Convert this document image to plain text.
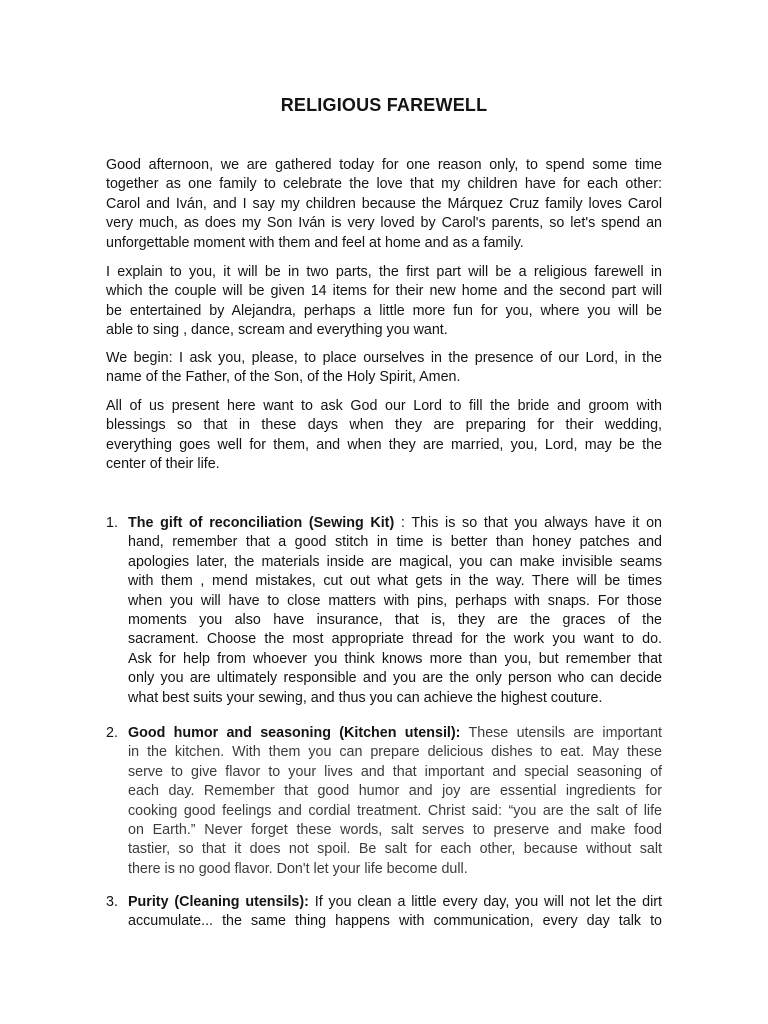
RELIGIOUS FAREWELL

Good afternoon, we are gathered today for one reason only, to spend some time
together as one family to celebrate the love that my children have for each other:
Carol and Iván, and I say my children because the Márquez Cruz family loves Carol
very much, as does my Son Iván is very loved by Carol's parents, so let's spend an
unforgettable moment with them and feel at home and as a family.

I explain to you, it will be in two parts, the first part will be a religious farewell in
which the couple will be given 14 items for their new home and the second part will
be entertained by Alejandra, perhaps a little more fun for you, where you will be
able to sing , dance, scream and everything you want.

We begin: I ask you, please, to place ourselves in the presence of our Lord, in the
name of the Father, of the Son, of the Holy Spirit, Amen.

All of us present here want to ask God our Lord to fill the bride and groom with
blessings so that in these days when they are preparing for their wedding,
everything goes well for them, and when they are married, you, Lord, may be the
center of their life.

1. The gift of reconciliation (Sewing Kit) : This is so that you always have it on
hand, remember that a good stitch in time is better than honey patches and
apologies later, the materials inside are magical, you can make invisible seams
with them , mend mistakes, cut out what gets in the way. There will be times
when you will have to close matters with pins, perhaps with snaps. For those
moments you also have insurance, that is, they are the graces of the
sacrament. Choose the most appropriate thread for the work you want to do.
Ask for help from whoever you think knows more than you, but remember that
only you are ultimately responsible and you are the only person who can decide
what best suits your sewing, and thus you can achieve the highest couture.
2. Good humor and seasoning (Kitchen utensil): These utensils are important
in the kitchen. With them you can prepare delicious dishes to eat. May these
serve to give flavor to your lives and that important and special seasoning of
each day. Remember that good humor and joy are essential ingredients for
cooking good feelings and cordial treatment. Christ said: “you are the salt of life
on Earth.” Never forget these words, salt serves to preserve and make food
tastier, so that it does not spoil. Be salt for each other, because without salt
there is no good flavor. Don't let your life become dull.
3. Purity (Cleaning utensils): If you clean a little every day, you will not let the dirt
accumulate... the same thing happens with communication, every day talk to
